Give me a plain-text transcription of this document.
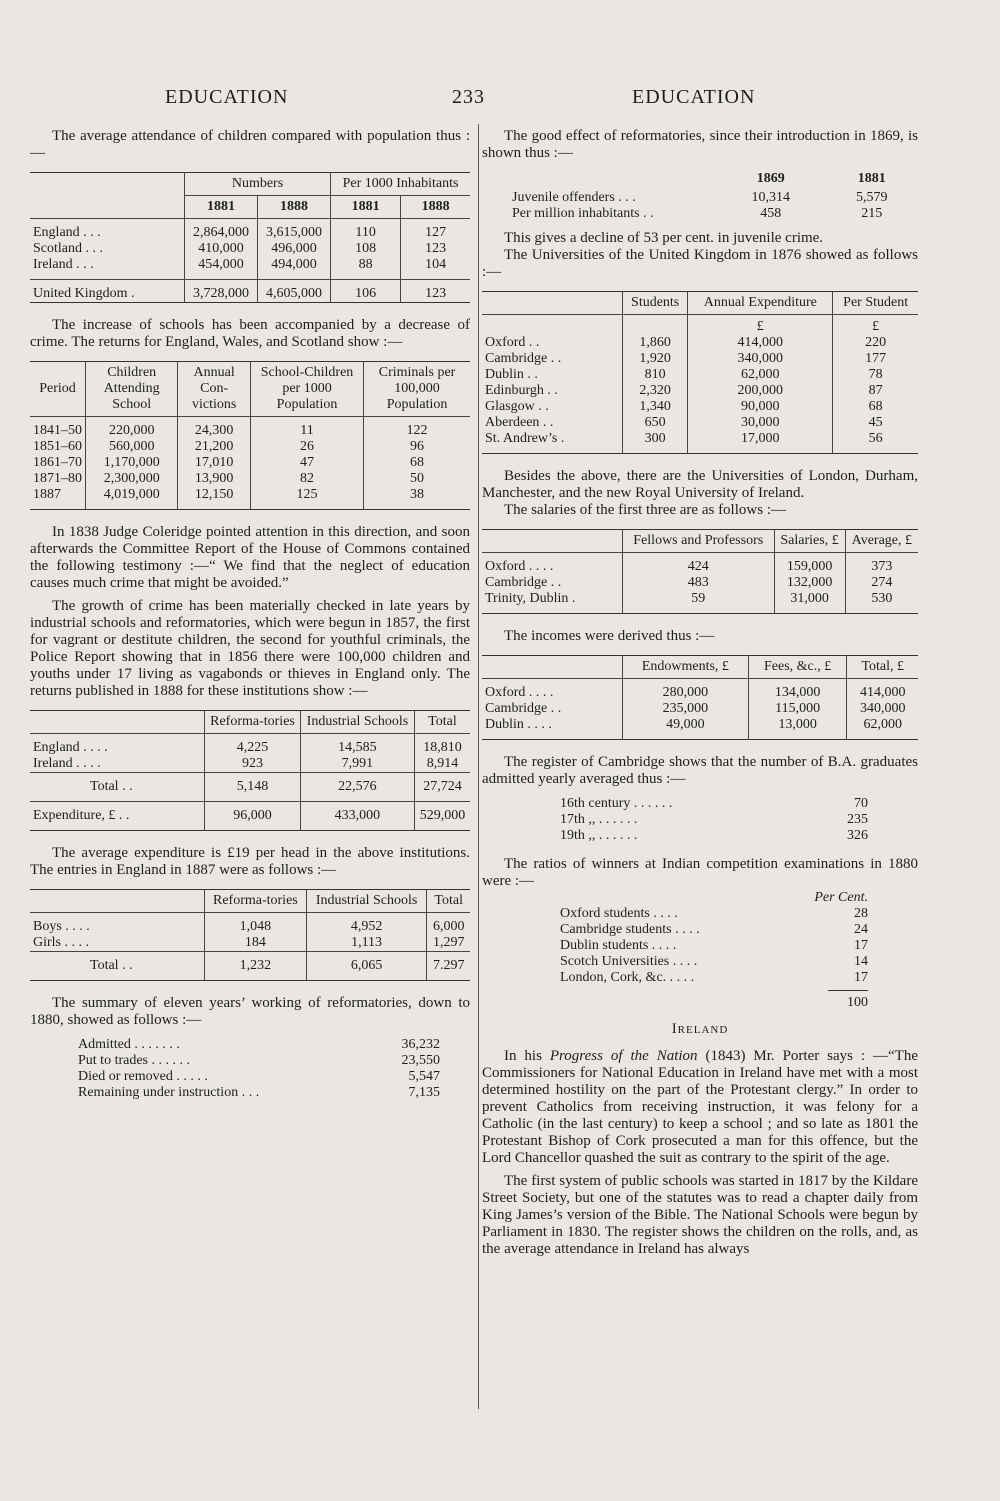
EDUCATION	233	EDUCATION

The average attendance of children compared with population thus :—

	Numbers		Per 1000 Inhabitants	
	1881	1888	1881	1888

England . . .	2,864,000	3,615,000	110	127
Scotland . . .	410,000	496,000	108	123
Ireland . . .	454,000	494,000	88	104

United Kingdom .	3,728,000	4,605,000	106	123

The increase of schools has been accompanied by a decrease of crime. The returns for England, Wales, and Scotland show :—

Period	Children Attending School	Annual Con-victions	School-Children per 1000 Population	Criminals per 100,000 Population

1841–50	220,000	24,300	11	122
1851–60	560,000	21,200	26	96
1861–70	1,170,000	17,010	47	68
1871–80	2,300,000	13,900	82	50
1887	4,019,000	12,150	125	38

In 1838 Judge Coleridge pointed attention in this direction, and soon afterwards the Committee Report of the House of Commons contained the following testimony :—“ We find that the neglect of education causes much crime that might be avoided.”

The growth of crime has been materially checked in late years by industrial schools and reformatories, which were begun in 1857, the first for vagrant or destitute children, the second for youthful criminals, the Police Report showing that in 1856 there were 100,000 children and youths under 17 living as vagabonds or thieves in England only. The returns published in 1888 for these institutions show :—

	Reforma-tories	Industrial Schools	Total

England . . . .	4,225	14,585	18,810
Ireland . . . .	923	7,991	8,914
Total . .	5,148	22,576	27,724
Expenditure, £ . .	96,000	433,000	529,000

The average expenditure is £19 per head in the above institutions. The entries in England in 1887 were as follows :—

	Reforma-tories	Industrial Schools	Total

Boys . . . .	1,048	4,952	6,000
Girls . . . .	184	1,113	1,297
Total . .	1,232	6,065	7.297

The summary of eleven years’ working of reformatories, down to 1880, showed as follows :—

Admitted . . . . . . .	36,232
Put to trades . . . . . .	23,550
Died or removed . . . . .	5,547
Remaining under instruction . . .	7,135

The good effect of reformatories, since their introduction in 1869, is shown thus :—

	1869	1881
Juvenile offenders . . .	10,314	5,579
Per million inhabitants . .	458	215

This gives a decline of 53 per cent. in juvenile crime.

The Universities of the United Kingdom in 1876 showed as follows :—

	Students	Annual Expenditure	Per Student
		£	£
Oxford . .	1,860	414,000	220
Cambridge . .	1,920	340,000	177
Dublin . .	810	62,000	78
Edinburgh . .	2,320	200,000	87
Glasgow . .	1,340	90,000	68
Aberdeen . .	650	30,000	45
St. Andrew’s .	300	17,000	56

Besides the above, there are the Universities of London, Durham, Manchester, and the new Royal University of Ireland.

The salaries of the first three are as follows :—

	Fellows and Professors	Salaries, £	Average, £

Oxford . . . .	424	159,000	373
Cambridge . .	483	132,000	274
Trinity, Dublin .	59	31,000	530

The incomes were derived thus :—

	Endowments, £	Fees, &c., £	Total, £

Oxford . . . .	280,000	134,000	414,000
Cambridge . .	235,000	115,000	340,000
Dublin . . . .	49,000	13,000	62,000

The register of Cambridge shows that the number of B.A. graduates admitted yearly averaged thus :—

16th century . . . . . .	70
17th ,, . . . . . .	235
19th ,, . . . . . .	326

The ratios of winners at Indian competition examinations in 1880 were :—

Per Cent.
Oxford students . . . .	28
Cambridge students . . . .	24
Dublin students . . . .	17
Scotch Universities . . . .	14
London, Cork, &c. . . . .	17
100
Ireland

In his Progress of the Nation (1843) Mr. Porter says : —“The Commissioners for National Education in Ireland have met with a most determined hostility on the part of the Protestant clergy.” In order to prevent Catholics from receiving instruction, it was felony for a Catholic (in the last century) to keep a school ; and so late as 1801 the Protestant Bishop of Cork prosecuted a man for this offence, but the Lord Chancellor quashed the suit as contrary to the spirit of the age.

The first system of public schools was started in 1817 by the Kildare Street Society, but one of the statutes was to read a chapter daily from King James’s version of the Bible. The National Schools were begun by Parliament in 1830. The register shows the children on the rolls, and, as the average attendance in Ireland has always
